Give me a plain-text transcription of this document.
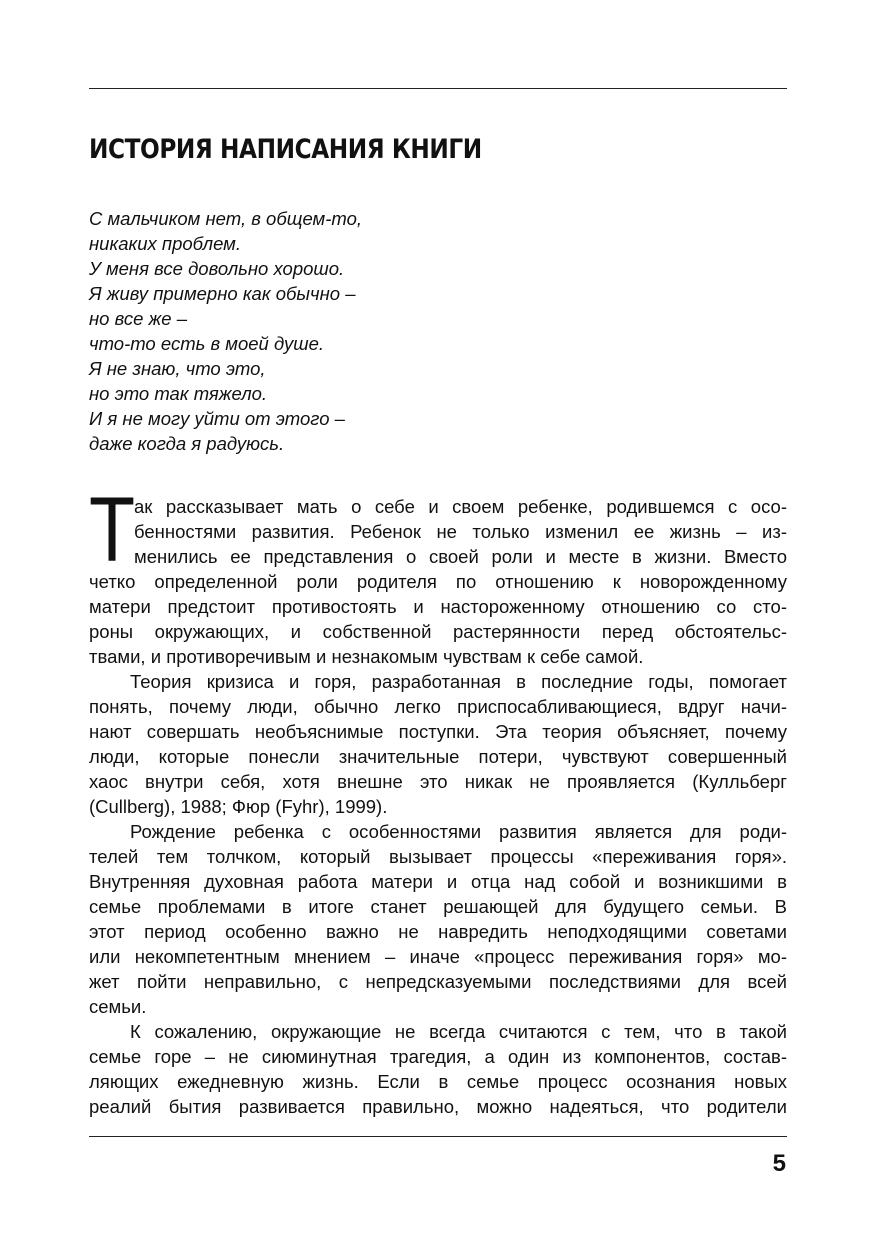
ИСТОРИЯ НАПИСАНИЯ КНИГИ
С мальчиком нет, в общем-то,
никаких проблем.
У меня все довольно хорошо.
Я живу примерно как обычно –
но все же –
что-то есть в моей душе.
Я не знаю, что это,
но это так тяжело.
И я не могу уйти от этого –
даже когда я радуюсь.
Т
ак рассказывает мать о себе и своем ребенке, родившемся с осо-
бенностями развития. Ребенок не только изменил ее жизнь – из-
менились ее представления о своей роли и месте в жизни. Вместо
четко определенной роли родителя по отношению к новорожденному
матери предстоит противостоять и настороженному отношению со сто-
роны окружающих, и собственной растерянности перед обстоятельс-
твами, и противоречивым и незнакомым чувствам к себе самой.
Теория кризиса и горя, разработанная в последние годы, помогает
понять, почему люди, обычно легко приспосабливающиеся, вдруг начи-
нают совершать необъяснимые поступки. Эта теория объясняет, почему
люди, которые понесли значительные потери, чувствуют совершенный
хаос внутри себя, хотя внешне это никак не проявляется (Кулльберг
(Cullberg), 1988; Фюр (Fyhr), 1999).
Рождение ребенка с особенностями развития является для роди-
телей тем толчком, который вызывает процессы «переживания горя».
Внутренняя духовная работа матери и отца над собой и возникшими в
семье проблемами в итоге станет решающей для будущего семьи. В
этот период особенно важно не навредить неподходящими советами
или некомпетентным мнением – иначе «процесс переживания горя» мо-
жет пойти неправильно, с непредсказуемыми последствиями для всей
семьи.
К сожалению, окружающие не всегда считаются с тем, что в такой
семье горе – не сиюминутная трагедия, а один из компонентов, состав-
ляющих ежедневную жизнь. Если в семье процесс осознания новых
реалий бытия развивается правильно, можно надеяться, что родители
5
